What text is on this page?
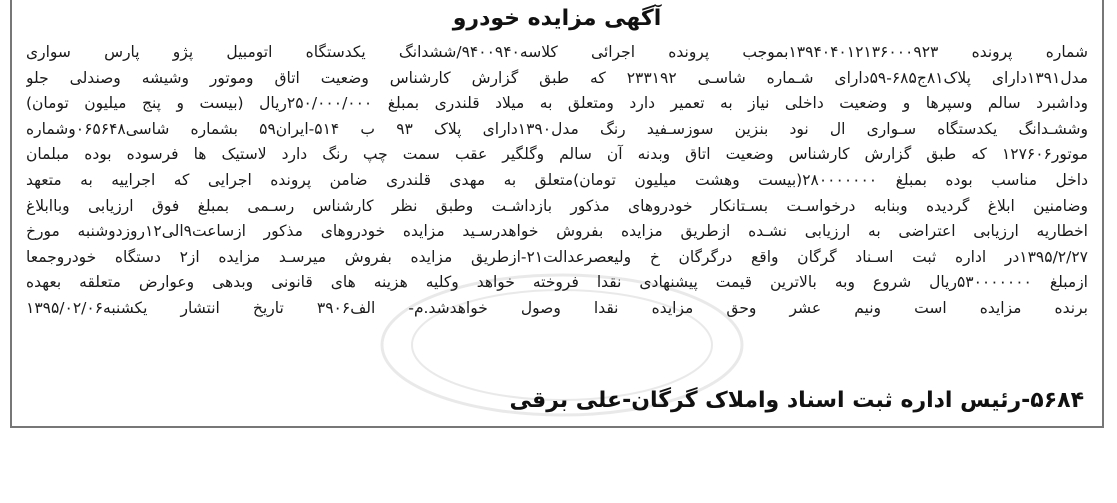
آگهی مزایده خودرو
شماره پرونده ۱۳۹۴۰۴۰۱۲۱۳۶۰۰۰۹۲۳بموجب پرونده اجرائی کلاسه۹۴۰۰۹۴۰/ششدانگ یکدستگاه اتومبیل پژو پارس سواری
مدل۱۳۹۱دارای پلاک۸۱ج۶۸۵-۵۹دارای شـماره شاسـی ۲۳۳۱۹۲ که طبق گزارش کارشناس وضعیت اتاق وموتور وشیشه وصندلی جلو
وداشبرد سالم وسپرها و وضعیت داخلی نیاز به تعمیر دارد ومتعلق به میلاد قلندری بمبلغ ۲۵۰/۰۰۰/۰۰۰ریال (بیست و پنج میلیون تومان)
وششـدانگ یکدستگاه سـواری ال نود بنزین سوزسـفید رنگ مدل۱۳۹۰دارای پلاک ۹۳ ب ۵۱۴-ایران۵۹ بشماره شاسی۰۶۵۶۴۸وشماره
موتور۱۲۷۶۰۶ که طبق گزارش کارشناس وضعیت اتاق وبدنه آن سالم وگلگیر عقب سمت چپ رنگ دارد لاستیک ها فرسوده بوده مبلمان
داخل مناسب بوده بمبلغ ۲۸۰۰۰۰۰۰۰(بیست وهشت میلیون تومان)متعلق به مهدی قلندری ضامن پرونده اجرایی که اجراییه به متعهد
وضامنین ابلاغ گردیده وبنابه درخواسـت بسـتانکار خودروهای مذکور بازداشـت وطبق نظر کارشناس رسـمی بمبلغ فوق ارزیابی وباابلاغ
اخطاریه ارزیابی اعتراضی به ارزیابی نشـده ازطریق مزایده بفروش خواهدرسـید مزایده خودروهای مذکور ازساعت۹الی۱۲روزدوشنبه مورخ
۱۳۹۵/۲/۲۷در اداره ثبت اسـناد گرگان واقع درگرگان خ ولیعصرعدالت۲۱-ازطریق مزایده بفروش میرسـد مزایده از۲ دستگاه خودروجمعا
ازمبلغ ۵۳۰۰۰۰۰۰۰ریال شروع وبه بالاترین قیمت پیشنهادی نقدا فروخته خواهد وکلیه هزینه های قانونی وبدهی وعوارض متعلقه بعهده
برنده مزایده است ونیم عشر وحق مزایده نقدا وصول خواهدشد.م- الف۳۹۰۶ تاریخ انتشار یکشنبه۱۳۹۵/۰۲/۰۶
۵۶۸۴-رئیس اداره ثبت اسناد واملاک گرگان-علی برقی
